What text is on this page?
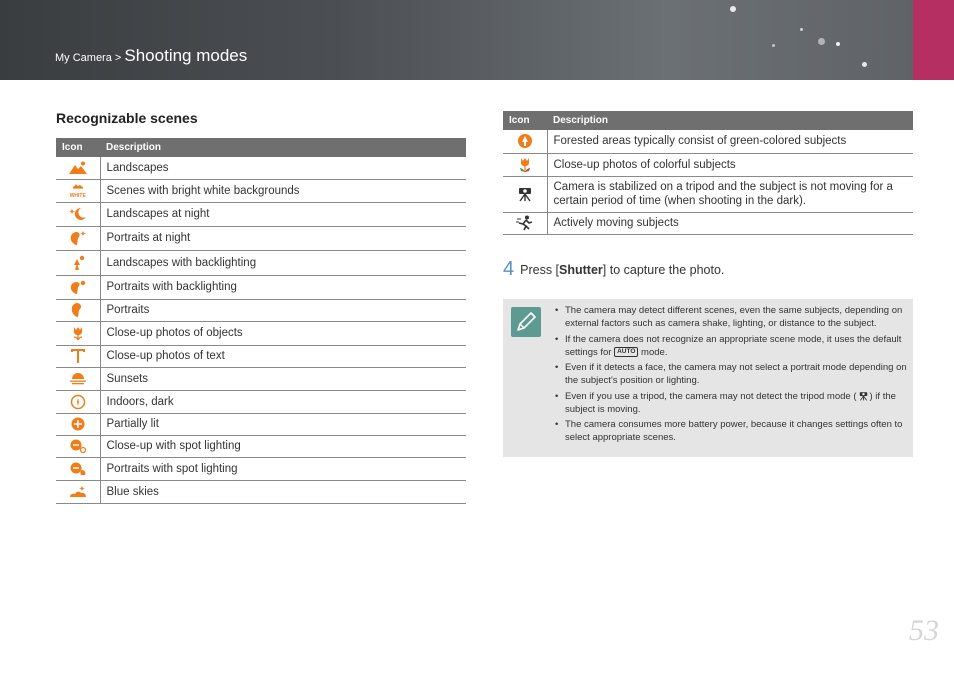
My Camera > Shooting modes
Recognizable scenes
Icon	Description
	Landscapes

WHITE	Scenes with bright white backgrounds
	Landscapes at night
	Portraits at night
	Landscapes with backlighting
	Portraits with backlighting
	Portraits
	Close-up photos of objects
	Close-up photos of text
	Sunsets
	Indoors, dark
	Partially lit
	Close-up with spot lighting
	Portraits with spot lighting
	Blue skies
Icon	Description
	Forested areas typically consist of green-colored subjects
	Close-up photos of colorful subjects
	Camera is stabilized on a tripod and the subject is not moving for a certain period of time (when shooting in the dark).
	Actively moving subjects
4 Press [Shutter] to capture the photo.
• The camera may detect different scenes, even the same subjects, depending on external factors such as camera shake, lighting, or distance to the subject.
• If the camera does not recognize an appropriate scene mode, it uses the default settings for AUTO mode.
• Even if it detects a face, the camera may not select a portrait mode depending on the subject's position or lighting.
• Even if you use a tripod, the camera may not detect the tripod mode ( ) if the subject is moving.
• The camera consumes more battery power, because it changes settings often to select appropriate scenes.
53
